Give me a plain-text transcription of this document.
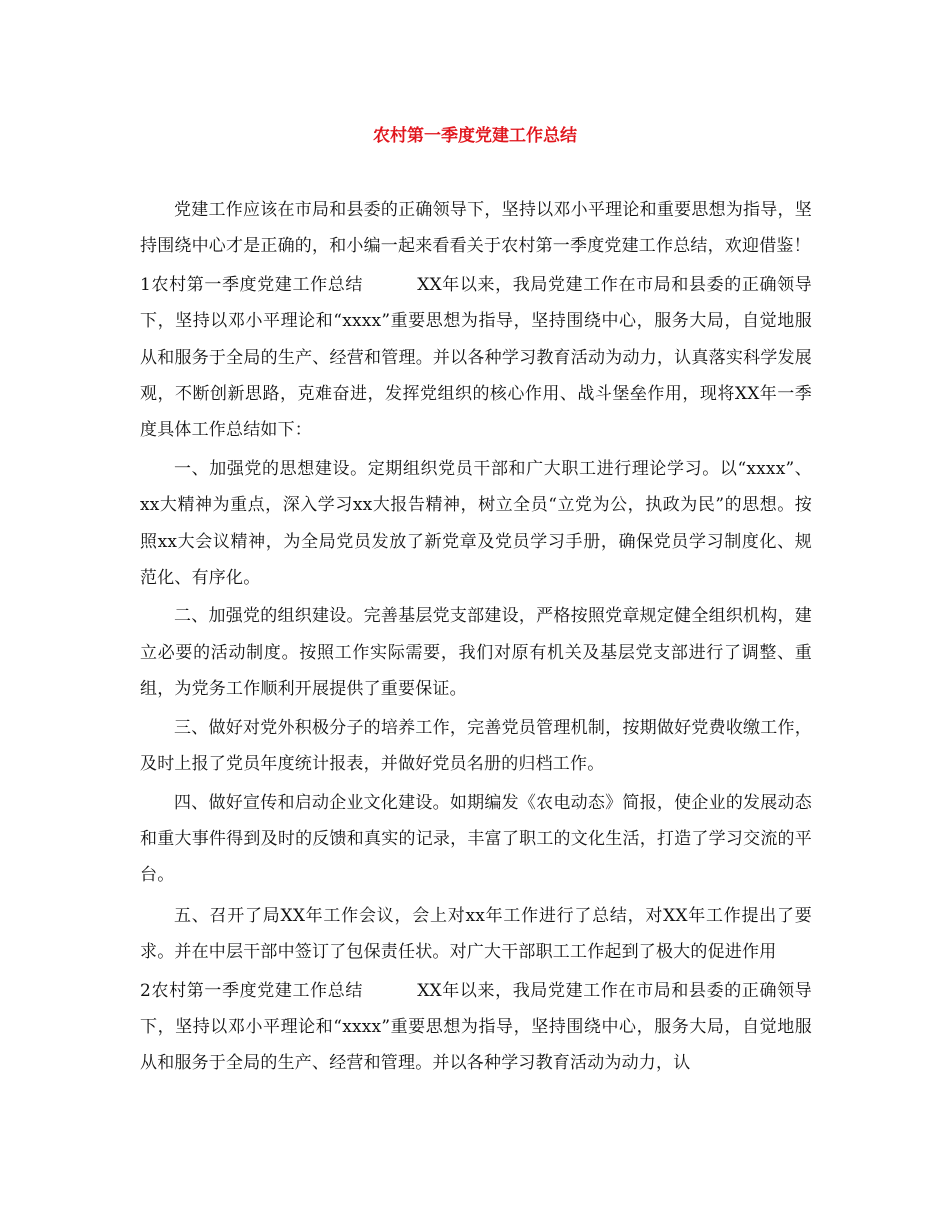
农村第一季度党建工作总结

党建工作应该在市局和县委的正确领导下，坚持以邓小平理论和重要思想为指导，坚持围绕中心才是正确的，和小编一起来看看关于农村第一季度党建工作总结，欢迎借鉴！

1农村第一季度党建工作总结	XX年以来，我局党建工作在市局和县委的正确领导下，坚持以邓小平理论和“xxxx”重要思想为指导，坚持围绕中心，服务大局，自觉地服从和服务于全局的生产、经营和管理。并以各种学习教育活动为动力，认真落实科学发展观，不断创新思路，克难奋进，发挥党组织的核心作用、战斗堡垒作用，现将XX年一季度具体工作总结如下：

一、加强党的思想建设。定期组织党员干部和广大职工进行理论学习。以“xxxx”、xx大精神为重点，深入学习xx大报告精神，树立全员“立党为公，执政为民”的思想。按照xx大会议精神，为全局党员发放了新党章及党员学习手册，确保党员学习制度化、规范化、有序化。

二、加强党的组织建设。完善基层党支部建设，严格按照党章规定健全组织机构，建立必要的活动制度。按照工作实际需要，我们对原有机关及基层党支部进行了调整、重组，为党务工作顺利开展提供了重要保证。

三、做好对党外积极分子的培养工作，完善党员管理机制，按期做好党费收缴工作，及时上报了党员年度统计报表，并做好党员名册的归档工作。

四、做好宣传和启动企业文化建设。如期编发《农电动态》简报，使企业的发展动态和重大事件得到及时的反馈和真实的记录，丰富了职工的文化生活，打造了学习交流的平台。

五、召开了局XX年工作会议，会上对xx年工作进行了总结，对XX年工作提出了要求。并在中层干部中签订了包保责任状。对广大干部职工工作起到了极大的促进作用

2农村第一季度党建工作总结	XX年以来，我局党建工作在市局和县委的正确领导下，坚持以邓小平理论和“xxxx”重要思想为指导，坚持围绕中心，服务大局，自觉地服从和服务于全局的生产、经营和管理。并以各种学习教育活动为动力，认
